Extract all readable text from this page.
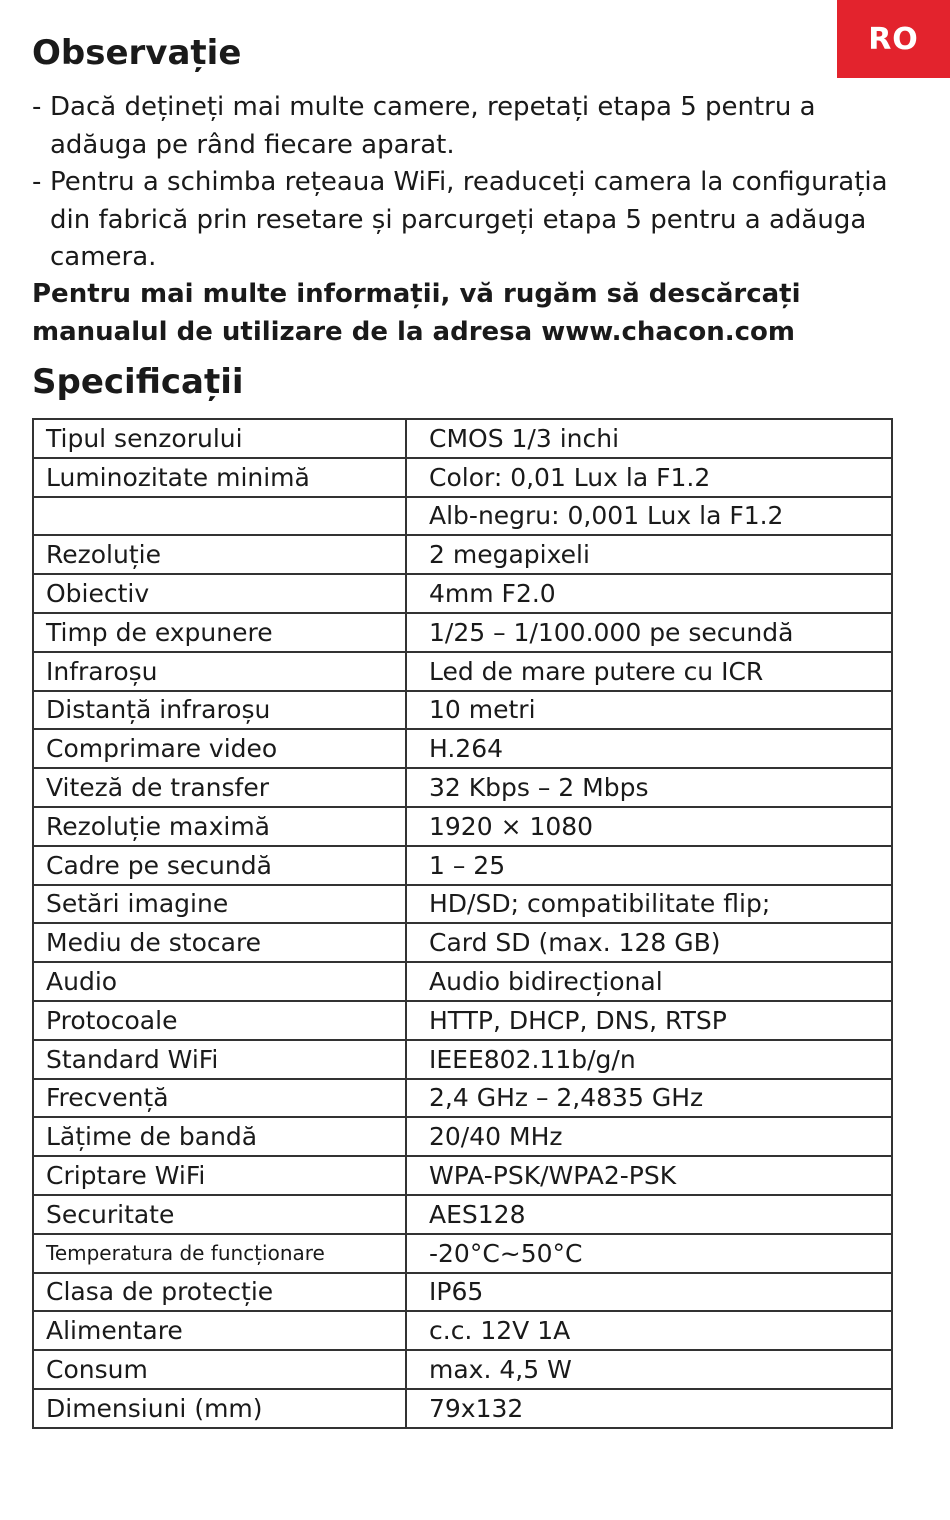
RO
Observație
- Dacă dețineți mai multe camere, repetați etapa 5 pentru a adăuga pe rând fiecare aparat.
- Pentru a schimba rețeaua WiFi, readuceți camera la configurația din fabrică prin resetare și parcurgeți etapa 5 pentru a adăuga camera.

Pentru mai multe informații, vă rugăm să descărcați manualul de utilizare de la adresa www.chacon.com

Specificații
Tipul senzorului	CMOS 1/3 inchi
Luminozitate minimă	Color: 0,01 Lux la F1.2
	Alb-negru: 0,001 Lux la F1.2
Rezoluție	2 megapixeli
Obiectiv	4mm F2.0
Timp de expunere	1/25 – 1/100.000 pe secundă
Infraroșu	Led de mare putere cu ICR
Distanță infraroșu	10 metri
Comprimare video	H.264
Viteză de transfer	32 Kbps – 2 Mbps
Rezoluție maximă	1920 × 1080
Cadre pe secundă	1 – 25
Setări imagine	HD/SD; compatibilitate flip;
Mediu de stocare	Card SD (max. 128 GB)
Audio	Audio bidirecțional
Protocoale	HTTP, DHCP, DNS, RTSP
Standard WiFi	IEEE802.11b/g/n
Frecvență	2,4 GHz – 2,4835 GHz
Lățime de bandă	20/40 MHz
Criptare WiFi	WPA-PSK/WPA2-PSK
Securitate	AES128
Temperatura de funcționare	-20°C~50°C
Clasa de protecție	IP65
Alimentare	c.c. 12V 1A
Consum	max. 4,5 W
Dimensiuni (mm)	79x132
